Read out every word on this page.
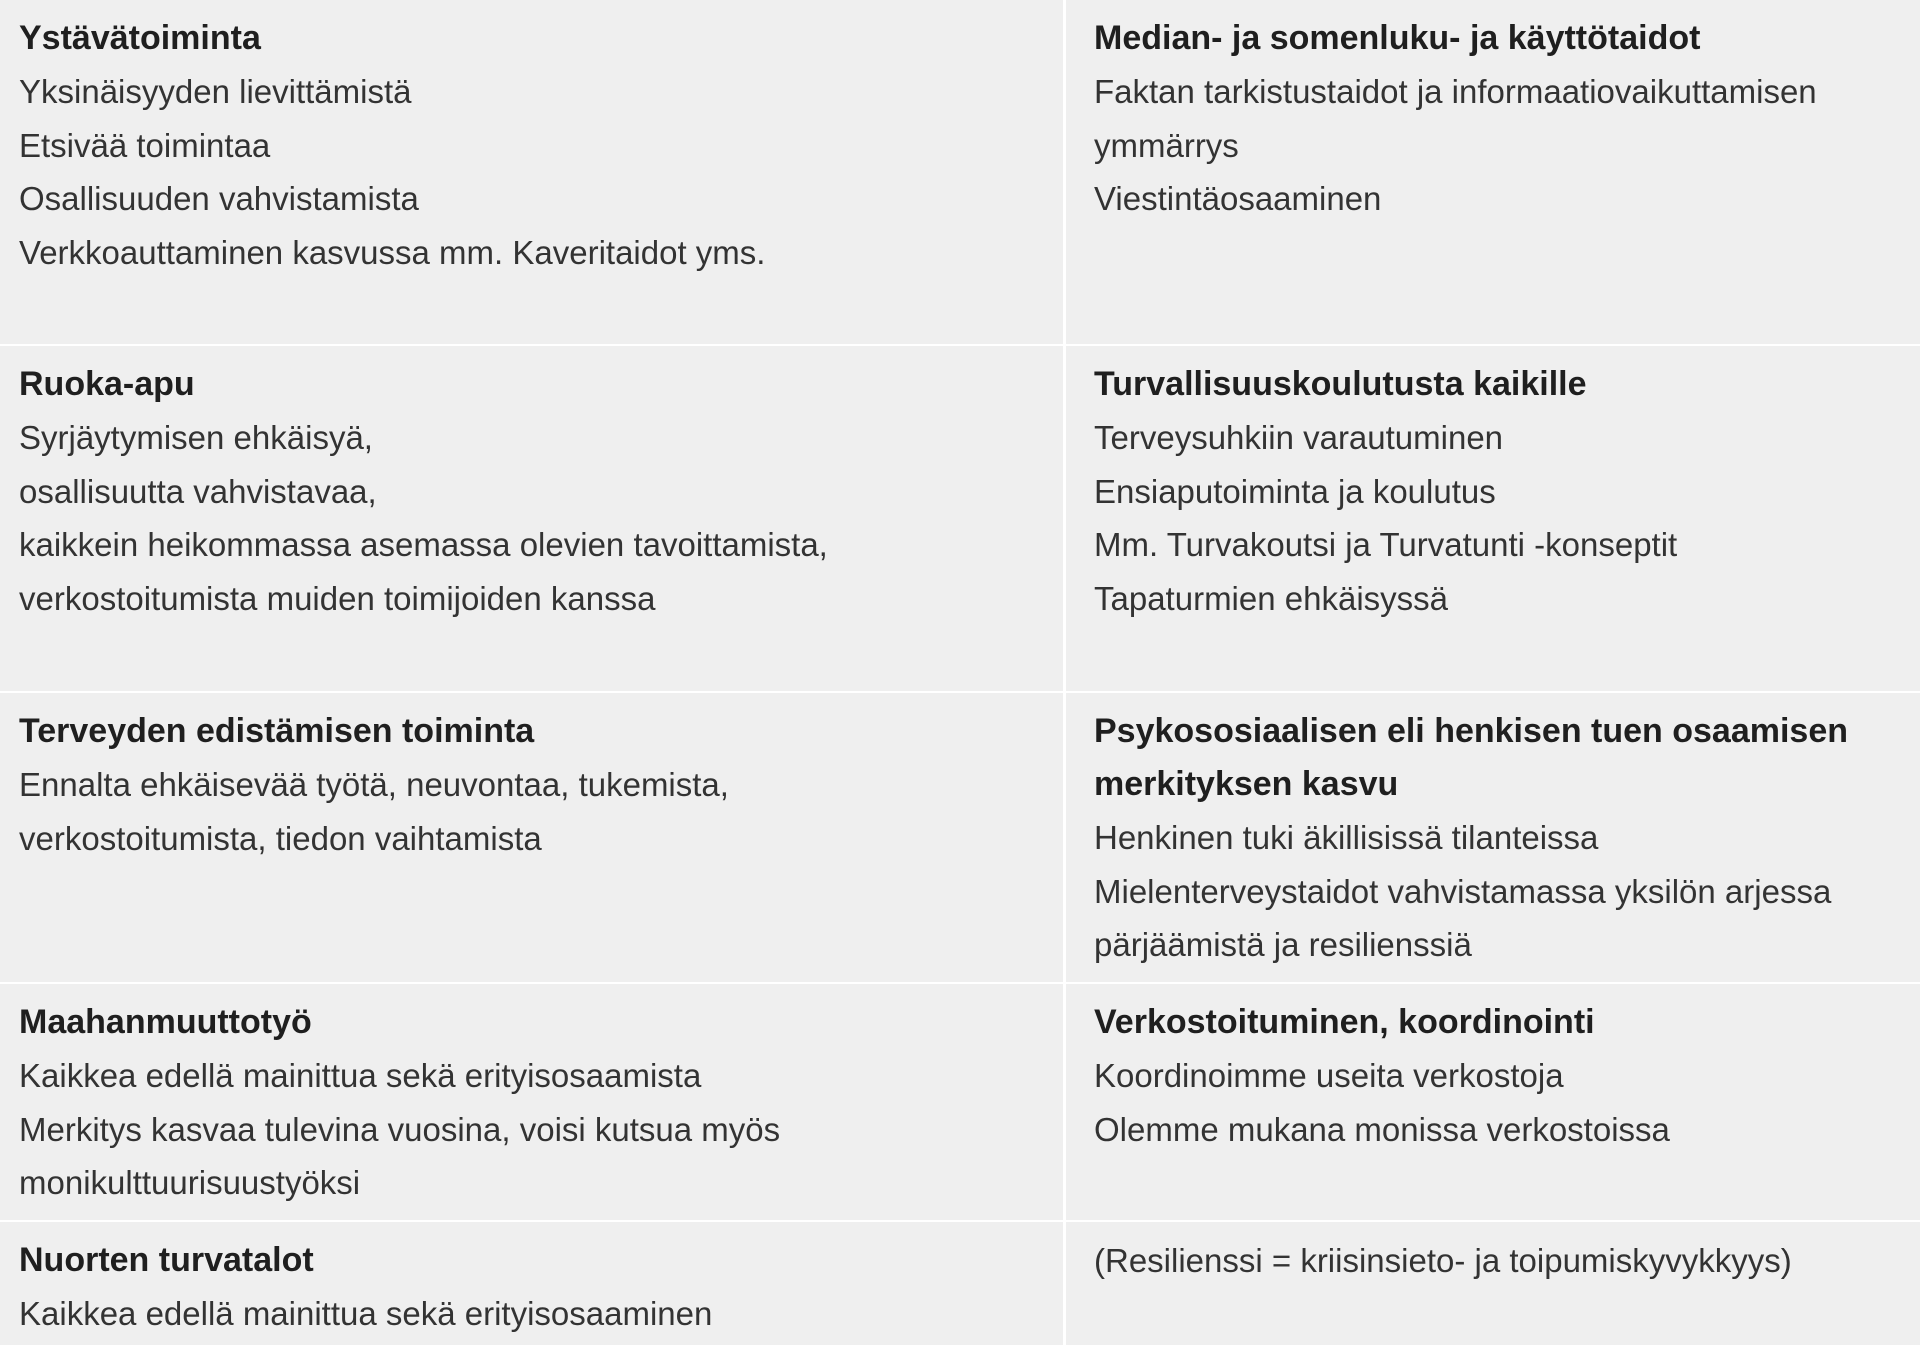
Ystävätoiminta

Yksinäisyyden lievittämistä

Etsivää toimintaa

Osallisuuden vahvistamista

Verkkoauttaminen kasvussa mm. Kaveritaidot yms.

Median- ja somenluku- ja käyttötaidot

Faktan tarkistustaidot ja informaatiovaikuttamisen ymmärrys

Viestintäosaaminen

Ruoka-apu

Syrjäytymisen ehkäisyä,

osallisuutta vahvistavaa,

kaikkein heikommassa asemassa olevien tavoittamista,

verkostoitumista muiden toimijoiden kanssa

Turvallisuuskoulutusta kaikille

Terveysuhkiin varautuminen

Ensiaputoiminta ja koulutus

Mm. Turvakoutsi ja Turvatunti -konseptit

Tapaturmien ehkäisyssä

Terveyden edistämisen toiminta

Ennalta ehkäisevää työtä, neuvontaa, tukemista,

verkostoitumista, tiedon vaihtamista

Psykososiaalisen eli henkisen tuen osaamisen merkityksen kasvu

Henkinen tuki äkillisissä tilanteissa

Mielenterveystaidot vahvistamassa yksilön arjessa pärjäämistä ja resilienssiä

Maahanmuuttotyö

Kaikkea edellä mainittua sekä erityisosaamista

Merkitys kasvaa tulevina vuosina, voisi kutsua myös monikulttuurisuustyöksi

Verkostoituminen, koordinointi

Koordinoimme useita verkostoja

Olemme mukana monissa verkostoissa

Nuorten turvatalot

Kaikkea edellä mainittua sekä erityisosaaminen

(Resilienssi = kriisinsieto- ja toipumiskyvykkyys)
